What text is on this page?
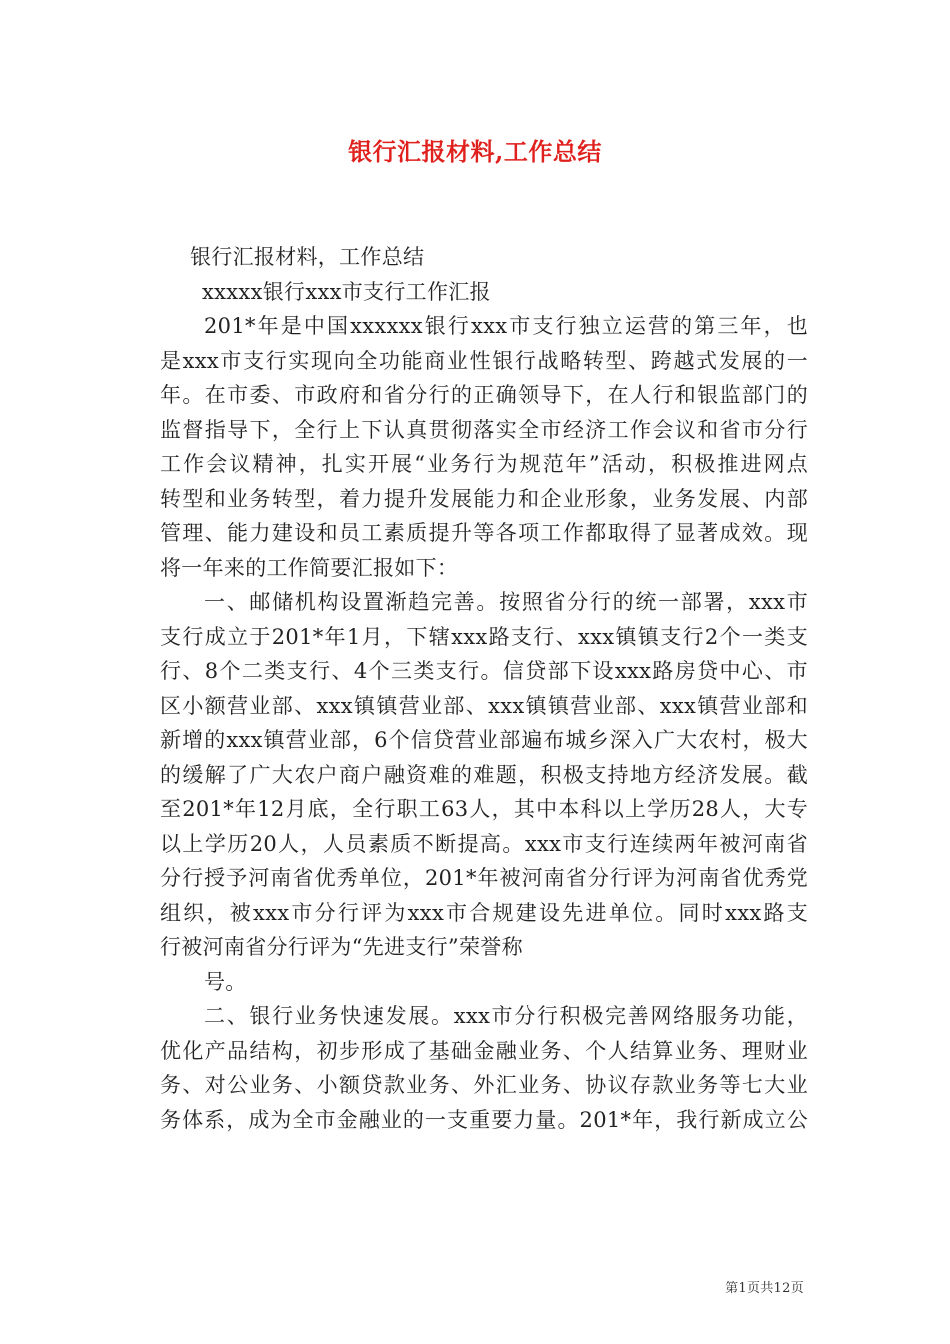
银行汇报材料,工作总结
银行汇报材料，工作总结
xxxxx银行xxx市支行工作汇报
201*年是中国xxxxxx银行xxx市支行独立运营的第三年，也
是xxx市支行实现向全功能商业性银行战略转型、跨越式发展的一
年。在市委、市政府和省分行的正确领导下，在人行和银监部门的
监督指导下，全行上下认真贯彻落实全市经济工作会议和省市分行
工作会议精神，扎实开展“业务行为规范年”活动，积极推进网点
转型和业务转型，着力提升发展能力和企业形象，业务发展、内部
管理、能力建设和员工素质提升等各项工作都取得了显著成效。现
将一年来的工作简要汇报如下：
一、邮储机构设置渐趋完善。按照省分行的统一部署，xxx市
支行成立于201*年1月，下辖xxx路支行、xxx镇镇支行2个一类支
行、8个二类支行、4个三类支行。信贷部下设xxx路房贷中心、市
区小额营业部、xxx镇镇营业部、xxx镇镇营业部、xxx镇营业部和
新增的xxx镇营业部，6个信贷营业部遍布城乡深入广大农村，极大
的缓解了广大农户商户融资难的难题，积极支持地方经济发展。截
至201*年12月底，全行职工63人，其中本科以上学历28人，大专
以上学历20人，人员素质不断提高。xxx市支行连续两年被河南省
分行授予河南省优秀单位，201*年被河南省分行评为河南省优秀党
组织，被xxx市分行评为xxx市合规建设先进单位。同时xxx路支
行被河南省分行评为“先进支行”荣誉称
号。
二、银行业务快速发展。xxx市分行积极完善网络服务功能，
优化产品结构，初步形成了基础金融业务、个人结算业务、理财业
务、对公业务、小额贷款业务、外汇业务、协议存款业务等七大业
务体系，成为全市金融业的一支重要力量。201*年，我行新成立公
第1页共12页
